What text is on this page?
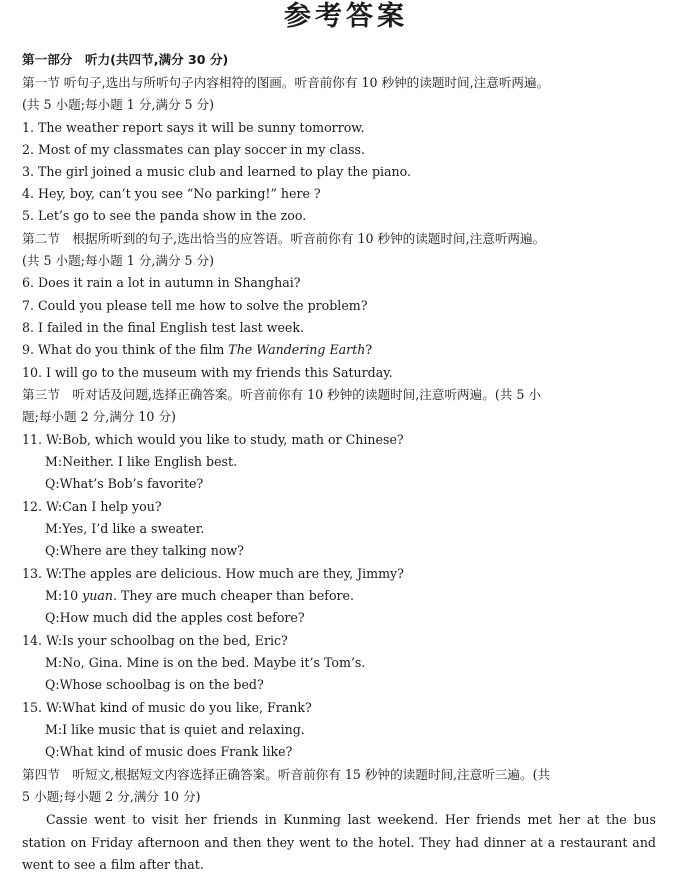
参考答案
第一部分　听力(共四节,满分 30 分)
第一节 听句子,选出与所听句子内容相符的图画。听音前你有 10 秒钟的读题时间,注意听两遍。
(共 5 小题;每小题 1 分,满分 5 分)
1. The weather report says it will be sunny tomorrow.
2. Most of my classmates can play soccer in my class.
3. The girl joined a music club and learned to play the piano.
4. Hey, boy, can’t you see “No parking!” here ?
5. Let’s go to see the panda show in the zoo.
第二节　根据所听到的句子,选出恰当的应答语。听音前你有 10 秒钟的读题时间,注意听两遍。
(共 5 小题;每小题 1 分,满分 5 分)
6. Does it rain a lot in autumn in Shanghai?
7. Could you please tell me how to solve the problem?
8. I failed in the final English test last week.
9. What do you think of the film The Wandering Earth?
10. I will go to the museum with my friends this Saturday.
第三节　听对话及问题,选择正确答案。听音前你有 10 秒钟的读题时间,注意听两遍。(共 5 小
题;每小题 2 分,满分 10 分)
11. W:Bob, which would you like to study, math or Chinese?
M:Neither. I like English best.
Q:What’s Bob’s favorite?
12. W:Can I help you?
M:Yes, I’d like a sweater.
Q:Where are they talking now?
13. W:The apples are delicious. How much are they, Jimmy?
M:10 yuan. They are much cheaper than before.
Q:How much did the apples cost before?
14. W:Is your schoolbag on the bed, Eric?
M:No, Gina. Mine is on the bed. Maybe it’s Tom’s.
Q:Whose schoolbag is on the bed?
15. W:What kind of music do you like, Frank?
M:I like music that is quiet and relaxing.
Q:What kind of music does Frank like?
第四节　听短文,根据短文内容选择正确答案。听音前你有 15 秒钟的读题时间,注意听三遍。(共
5 小题;每小题 2 分,满分 10 分)
Cassie went to visit her friends in Kunming last weekend. Her friends met her at the bus station on Friday afternoon and then they went to the hotel. They had dinner at a restaurant and went to see a film after that.
